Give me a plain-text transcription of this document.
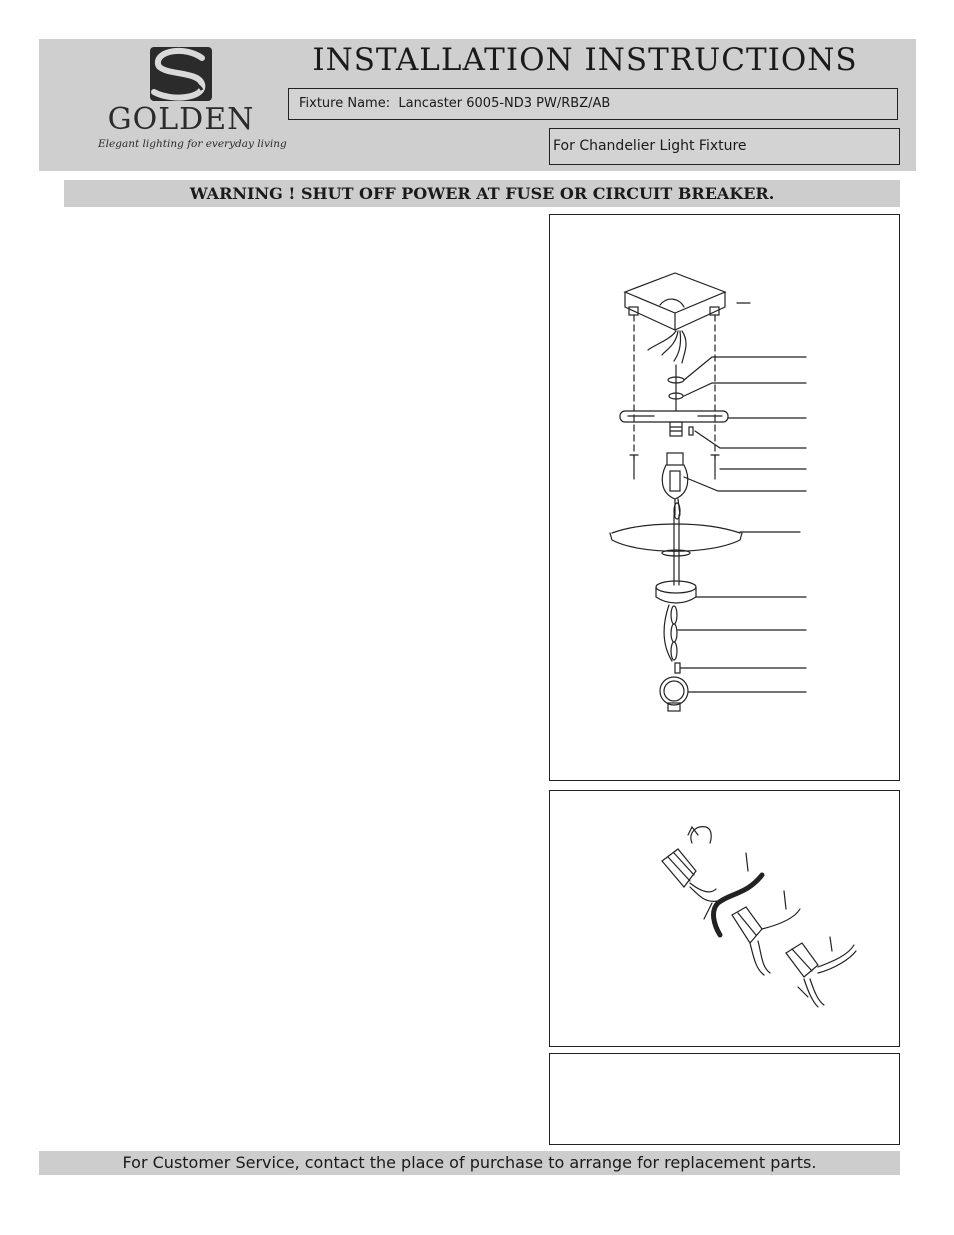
GOLDEN
Elegant lighting for everyday living
INSTALLATION INSTRUCTIONS
Fixture Name:  Lancaster 6005-ND3 PW/RBZ/AB
For Chandelier Light Fixture
WARNING ! SHUT OFF POWER AT FUSE OR CIRCUIT BREAKER.
For Customer Service, contact the place of purchase to arrange for replacement parts.
